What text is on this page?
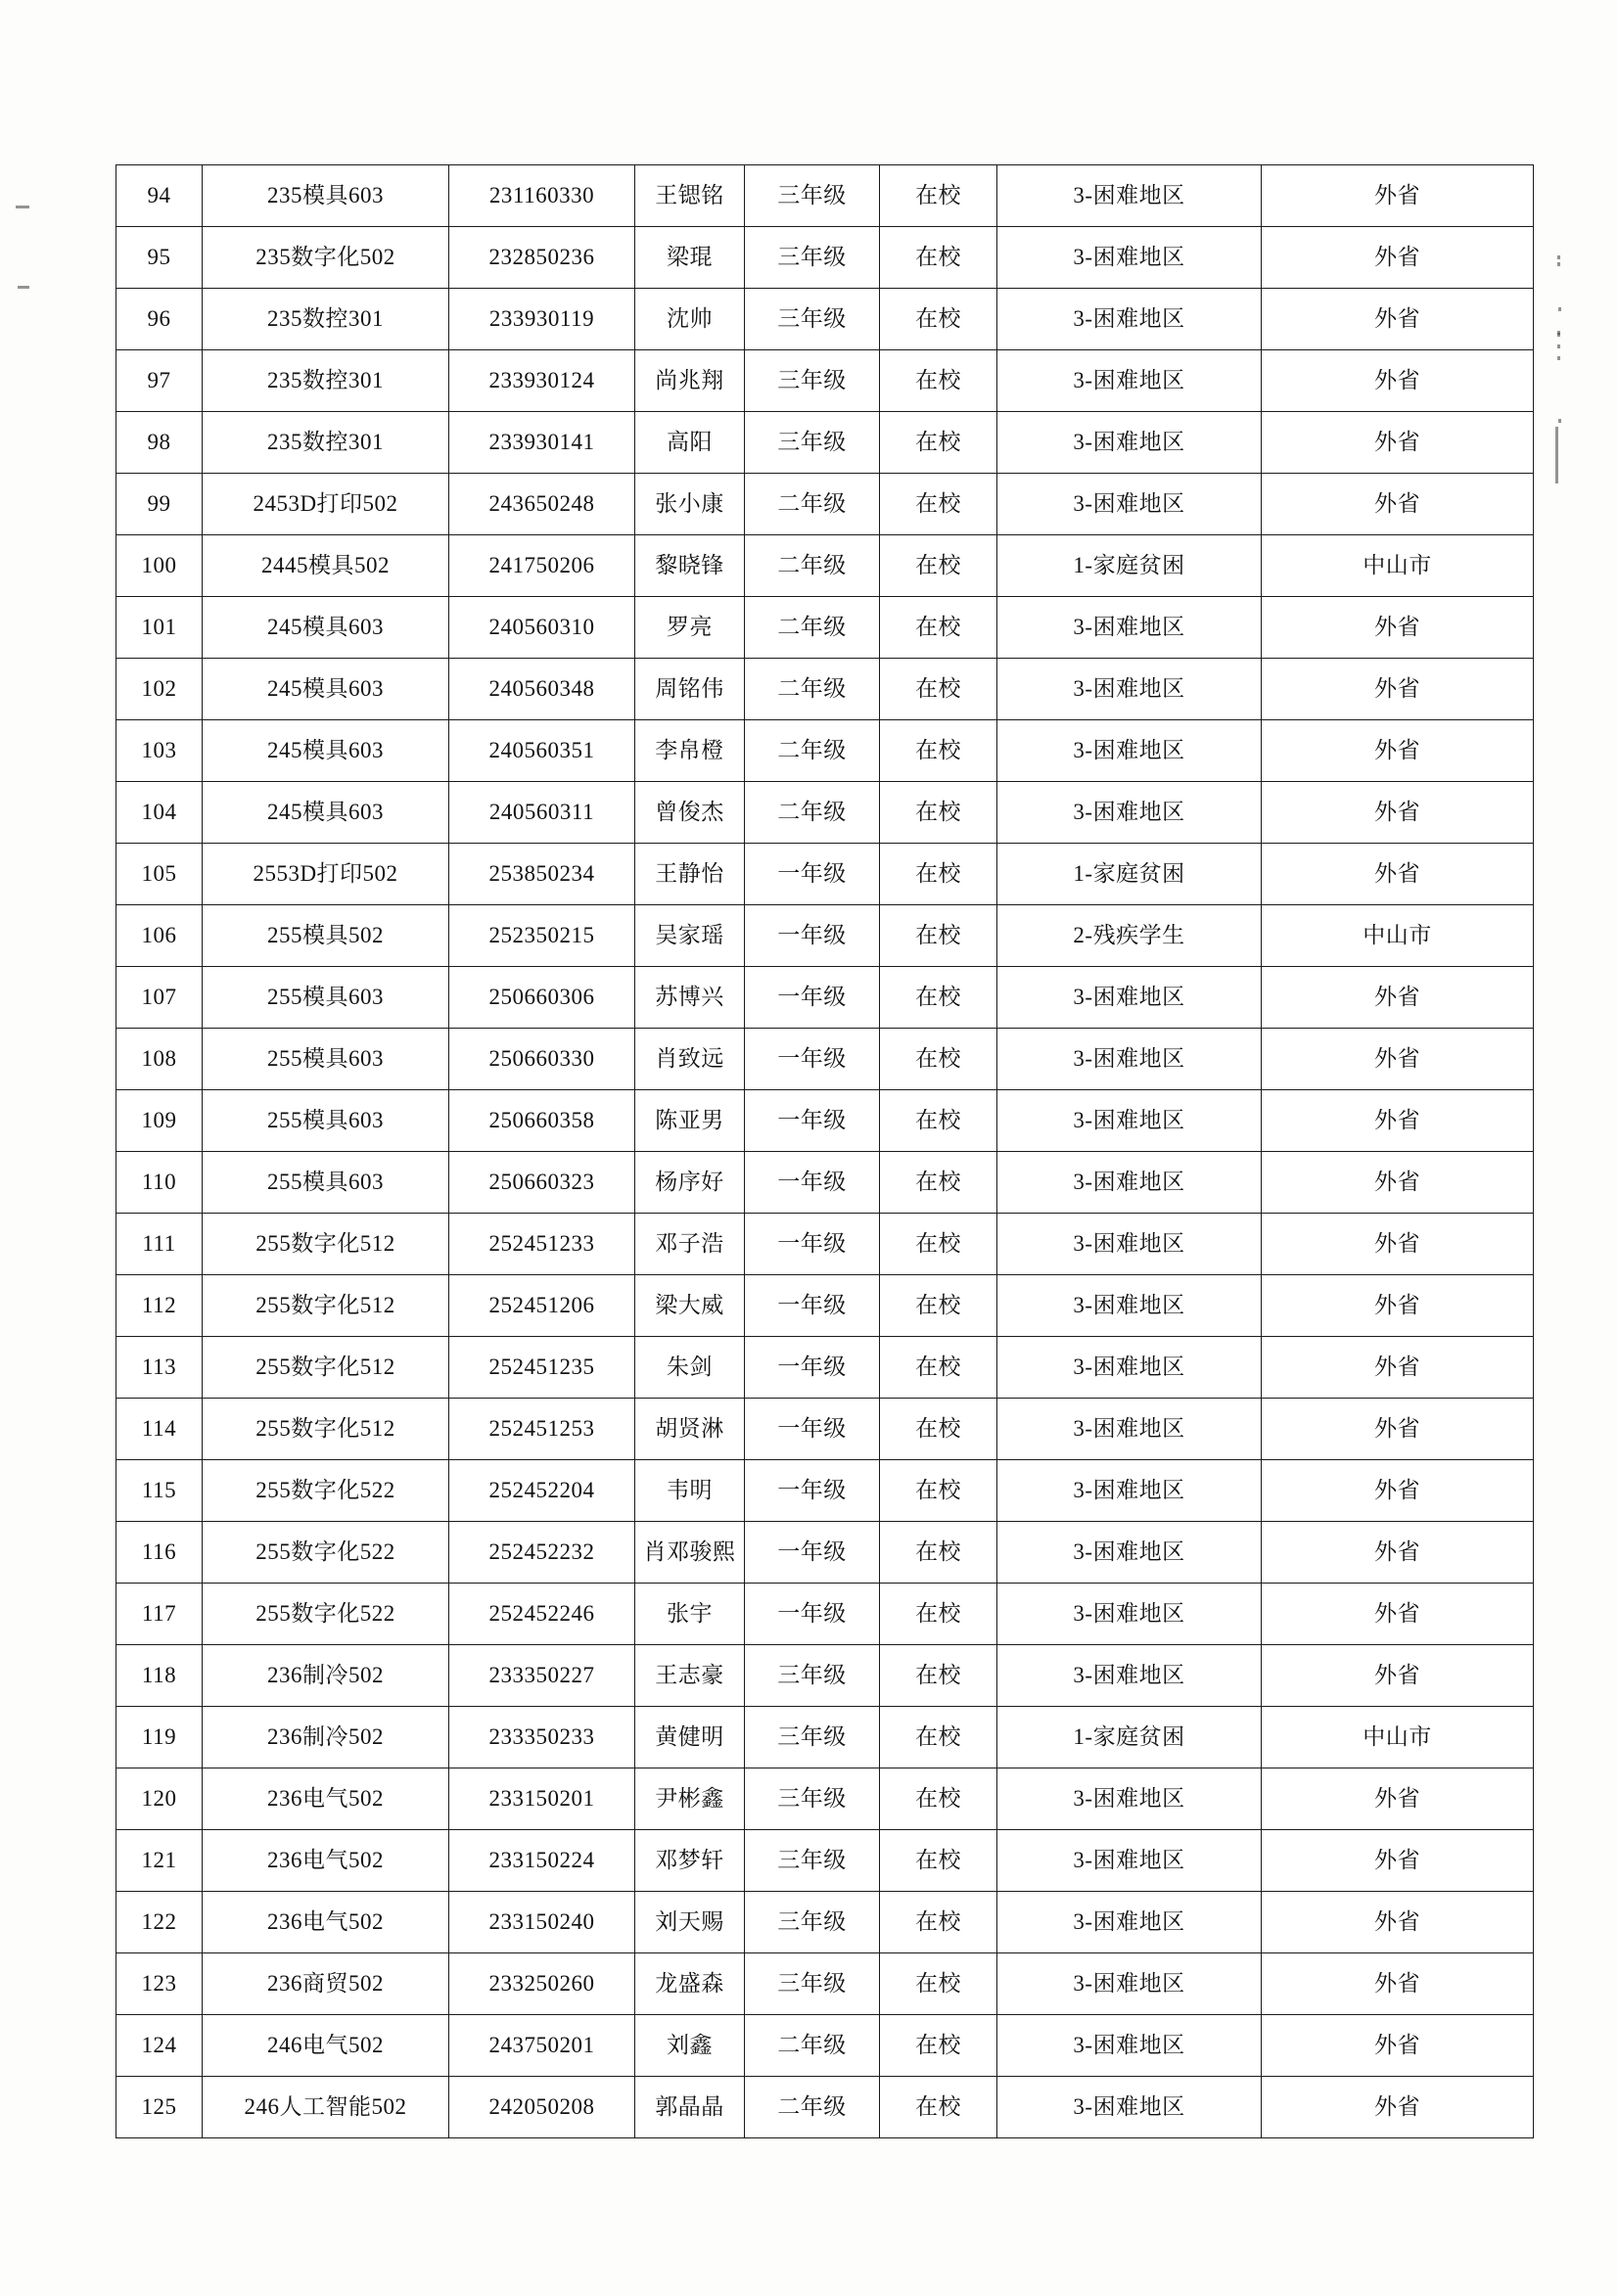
94	235模具603	231160330	王锶铭	三年级	在校	3-困难地区	外省
95	235数字化502	232850236	梁琨	三年级	在校	3-困难地区	外省
96	235数控301	233930119	沈帅	三年级	在校	3-困难地区	外省
97	235数控301	233930124	尚兆翔	三年级	在校	3-困难地区	外省
98	235数控301	233930141	高阳	三年级	在校	3-困难地区	外省
99	2453D打印502	243650248	张小康	二年级	在校	3-困难地区	外省
100	2445模具502	241750206	黎晓锋	二年级	在校	1-家庭贫困	中山市
101	245模具603	240560310	罗亮	二年级	在校	3-困难地区	外省
102	245模具603	240560348	周铭伟	二年级	在校	3-困难地区	外省
103	245模具603	240560351	李帛橙	二年级	在校	3-困难地区	外省
104	245模具603	240560311	曾俊杰	二年级	在校	3-困难地区	外省
105	2553D打印502	253850234	王静怡	一年级	在校	1-家庭贫困	外省
106	255模具502	252350215	吴家瑶	一年级	在校	2-残疾学生	中山市
107	255模具603	250660306	苏博兴	一年级	在校	3-困难地区	外省
108	255模具603	250660330	肖致远	一年级	在校	3-困难地区	外省
109	255模具603	250660358	陈亚男	一年级	在校	3-困难地区	外省
110	255模具603	250660323	杨序好	一年级	在校	3-困难地区	外省
111	255数字化512	252451233	邓子浩	一年级	在校	3-困难地区	外省
112	255数字化512	252451206	梁大威	一年级	在校	3-困难地区	外省
113	255数字化512	252451235	朱剑	一年级	在校	3-困难地区	外省
114	255数字化512	252451253	胡贤淋	一年级	在校	3-困难地区	外省
115	255数字化522	252452204	韦明	一年级	在校	3-困难地区	外省
116	255数字化522	252452232	肖邓骏熙	一年级	在校	3-困难地区	外省
117	255数字化522	252452246	张宇	一年级	在校	3-困难地区	外省
118	236制冷502	233350227	王志豪	三年级	在校	3-困难地区	外省
119	236制冷502	233350233	黄健明	三年级	在校	1-家庭贫困	中山市
120	236电气502	233150201	尹彬鑫	三年级	在校	3-困难地区	外省
121	236电气502	233150224	邓梦轩	三年级	在校	3-困难地区	外省
122	236电气502	233150240	刘天赐	三年级	在校	3-困难地区	外省
123	236商贸502	233250260	龙盛森	三年级	在校	3-困难地区	外省
124	246电气502	243750201	刘鑫	二年级	在校	3-困难地区	外省
125	246人工智能502	242050208	郭晶晶	二年级	在校	3-困难地区	外省
